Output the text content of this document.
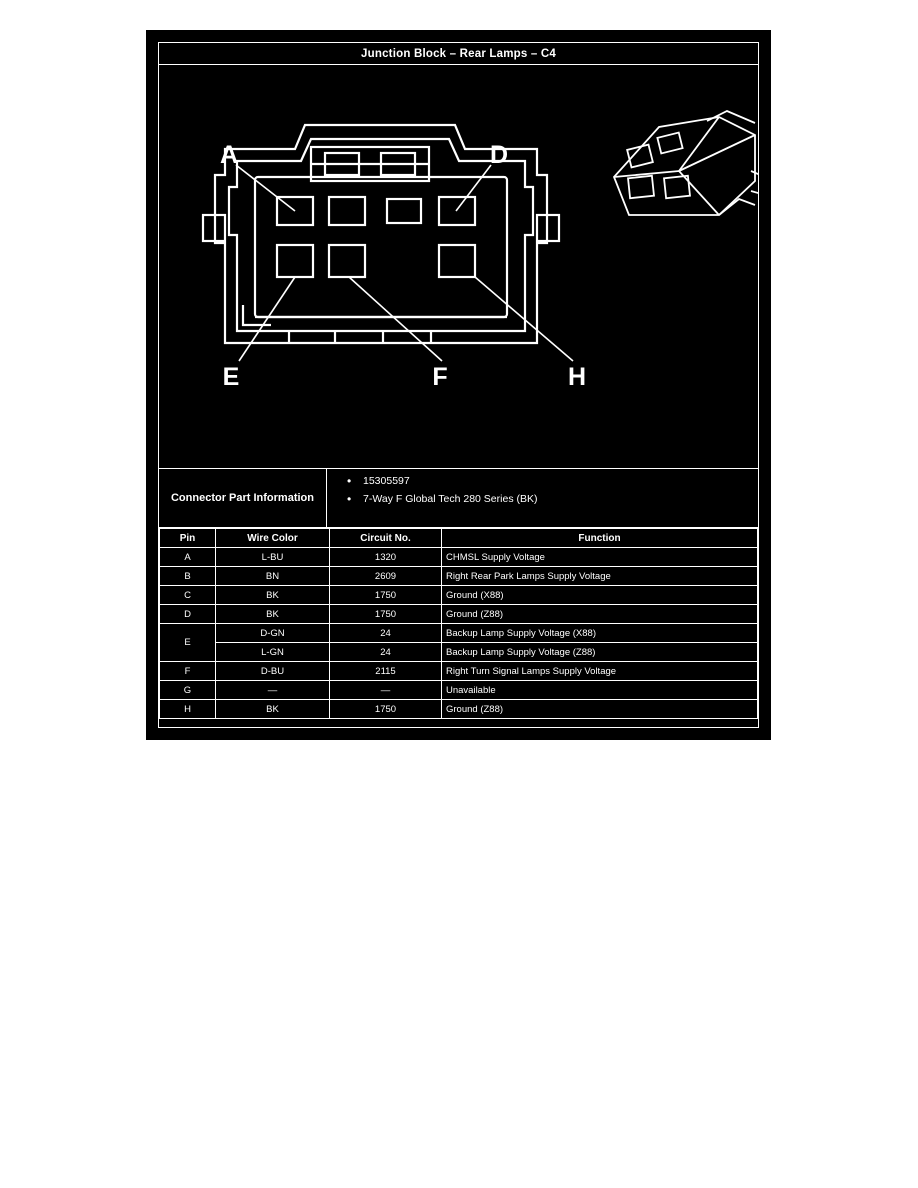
Junction Block – Rear Lamps – C4
A	D
E	F	H
Connector Part Information
•	15305597
•	7-Way F Global Tech 280 Series (BK)
Pin	Wire Color	Circuit No.	Function
A	L-BU	1320	CHMSL Supply Voltage
B	BN	2609	Right Rear Park Lamps Supply Voltage
C	BK	1750	Ground (X88)
D	BK	1750	Ground (Z88)
E	D-GN	24	Backup Lamp Supply Voltage (X88)
	L-GN	24	Backup Lamp Supply Voltage (Z88)
F	D-BU	2115	Right Turn Signal Lamps Supply Voltage
G	—	—	Unavailable
H	BK	1750	Ground (Z88)
